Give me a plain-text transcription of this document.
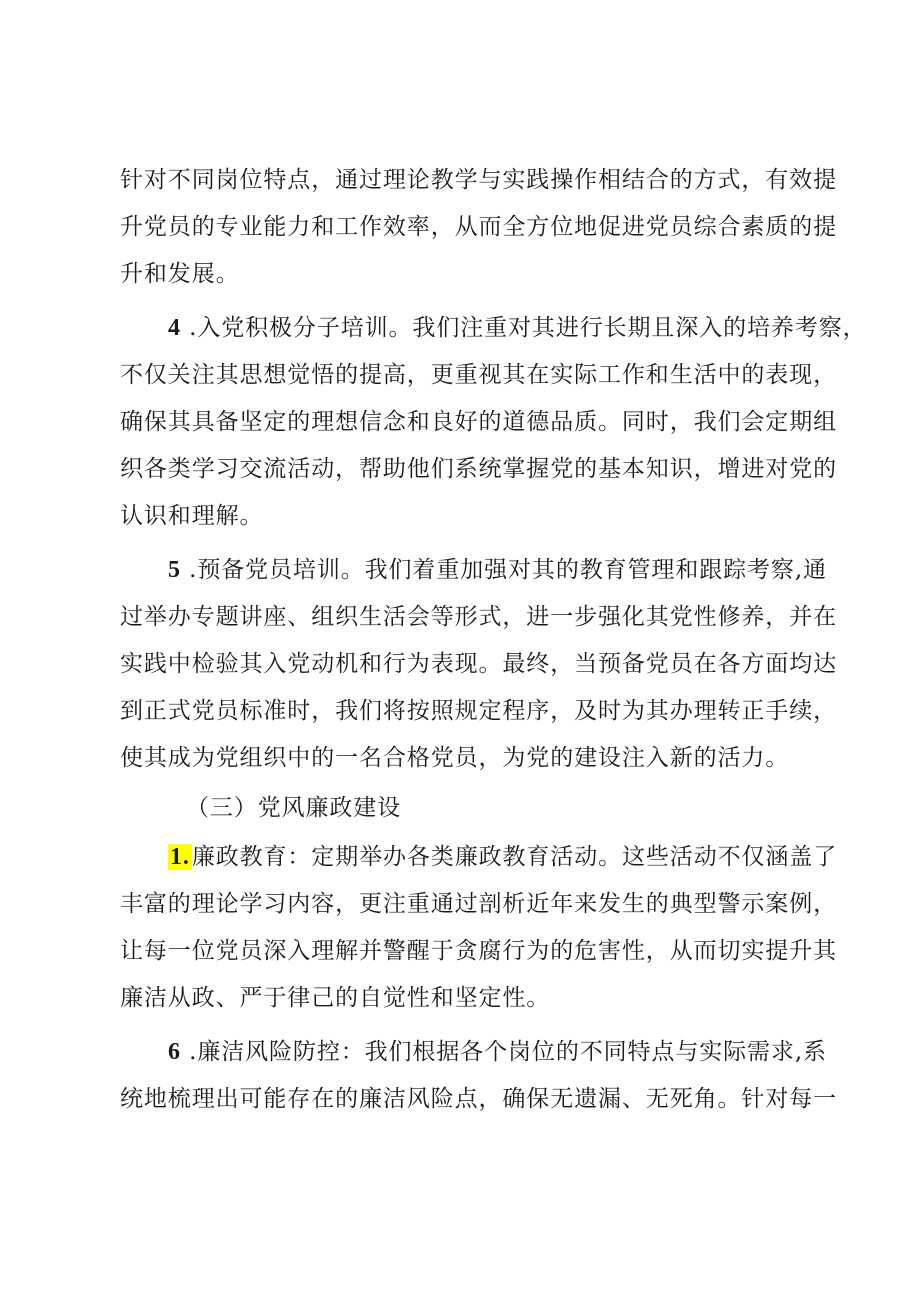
针对不同岗位特点，通过理论教学与实践操作相结合的方式，有效提
升党员的专业能力和工作效率，从而全方位地促进党员综合素质的提
升和发展。
4 .入党积极分子培训。我们注重对其进行长期且深入的培养考察，
不仅关注其思想觉悟的提高，更重视其在实际工作和生活中的表现，
确保其具备坚定的理想信念和良好的道德品质。同时，我们会定期组
织各类学习交流活动，帮助他们系统掌握党的基本知识，增进对党的
认识和理解。
5 .预备党员培训。我们着重加强对其的教育管理和跟踪考察,通
过举办专题讲座、组织生活会等形式，进一步强化其党性修养，并在
实践中检验其入党动机和行为表现。最终，当预备党员在各方面均达
到正式党员标准时，我们将按照规定程序，及时为其办理转正手续，
使其成为党组织中的一名合格党员，为党的建设注入新的活力。
（三）党风廉政建设
1.廉政教育：定期举办各类廉政教育活动。这些活动不仅涵盖了
丰富的理论学习内容，更注重通过剖析近年来发生的典型警示案例，
让每一位党员深入理解并警醒于贪腐行为的危害性，从而切实提升其
廉洁从政、严于律己的自觉性和坚定性。
6 .廉洁风险防控：我们根据各个岗位的不同特点与实际需求,系
统地梳理出可能存在的廉洁风险点，确保无遗漏、无死角。针对每一
